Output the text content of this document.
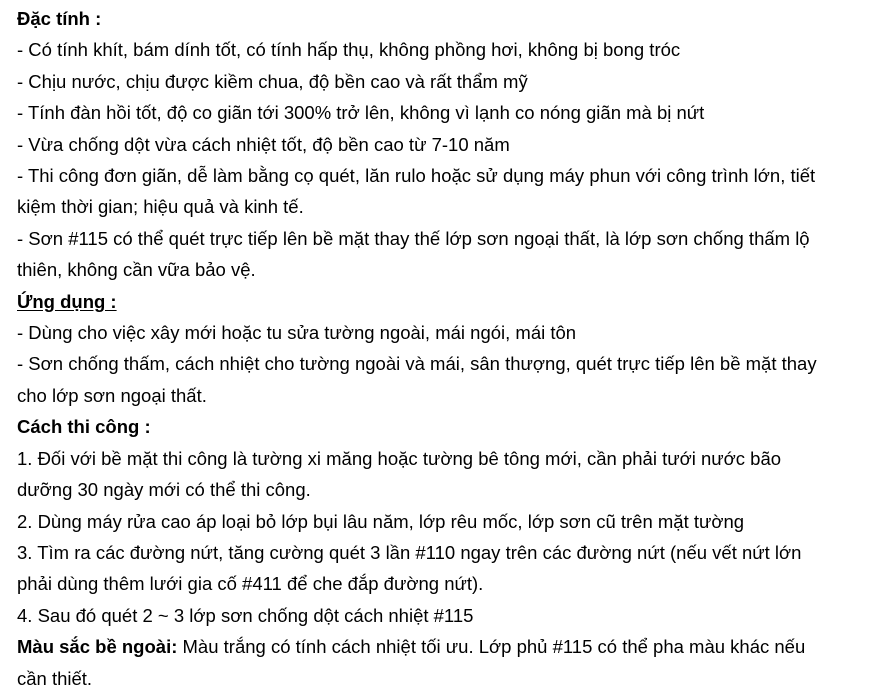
Đặc tính :
- Có tính khít, bám dính tốt, có tính hấp thụ, không phồng hơi, không bị bong tróc
- Chịu nước, chịu được kiềm chua, độ bền cao và rất thẩm mỹ
- Tính đàn hồi tốt, độ co giãn tới 300% trở lên, không vì lạnh co nóng giãn mà bị nứt
- Vừa chống dột vừa cách nhiệt tốt, độ bền cao từ 7-10 năm
- Thi công đơn giãn, dễ làm bằng cọ quét, lăn rulo hoặc sử dụng máy phun với công trình lớn, tiết
kiệm thời gian; hiệu quả và kinh tế.
- Sơn #115 có thể quét trực tiếp lên bề mặt thay thế lớp sơn ngoại thất, là lớp sơn chống thấm lộ
thiên, không cần vữa bảo vệ.
Ứng dụng :
- Dùng cho việc xây mới hoặc tu sửa tường ngoài, mái ngói, mái tôn
- Sơn chống thấm, cách nhiệt cho tường ngoài và mái, sân thượng, quét trực tiếp lên bề mặt thay
cho lớp sơn ngoại thất.
Cách thi công :
1. Đối với bề mặt thi công là tường xi măng hoặc tường bê tông mới, cần phải tưới nước bão
dưỡng 30 ngày mới có thể thi công.
2. Dùng máy rửa cao áp loại bỏ lớp bụi lâu năm, lớp rêu mốc, lớp sơn cũ trên mặt tường
3. Tìm ra các đường nứt, tăng cường quét 3 lần #110 ngay trên các đường nứt (nếu vết nứt lớn
phải dùng thêm lưới gia cố #411 để che đắp đường nứt).
4. Sau đó quét 2 ~ 3 lớp sơn chống dột cách nhiệt #115
Màu sắc bề ngoài: Màu trắng có tính cách nhiệt tối ưu. Lớp phủ #115 có thể pha màu khác nếu
cần thiết.
